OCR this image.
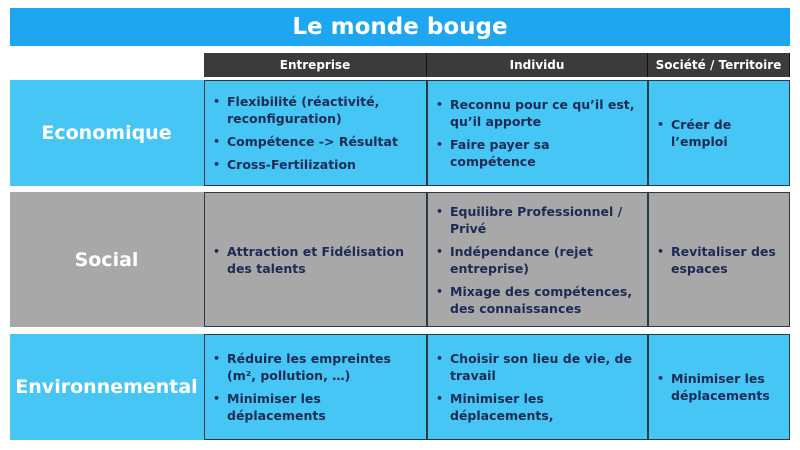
Le monde bouge
Entreprise	Individu	Société / Territoire
Economique
Social
Environnemental
• Flexibilité (réactivité, reconfiguration)
• Compétence -> Résultat
• Cross-Fertilization
• Reconnu pour ce qu’il est, qu’il apporte
• Faire payer sa compétence
• Créer de l’emploi
• Attraction et Fidélisation des talents
• Equilibre Professionnel / Privé
• Indépendance (rejet entreprise)
• Mixage des compétences, des connaissances
• Revitaliser des espaces
• Réduire les empreintes (m², pollution, …)
• Minimiser les déplacements
• Choisir son lieu de vie, de travail
• Minimiser les déplacements,
• Minimiser les déplacements
